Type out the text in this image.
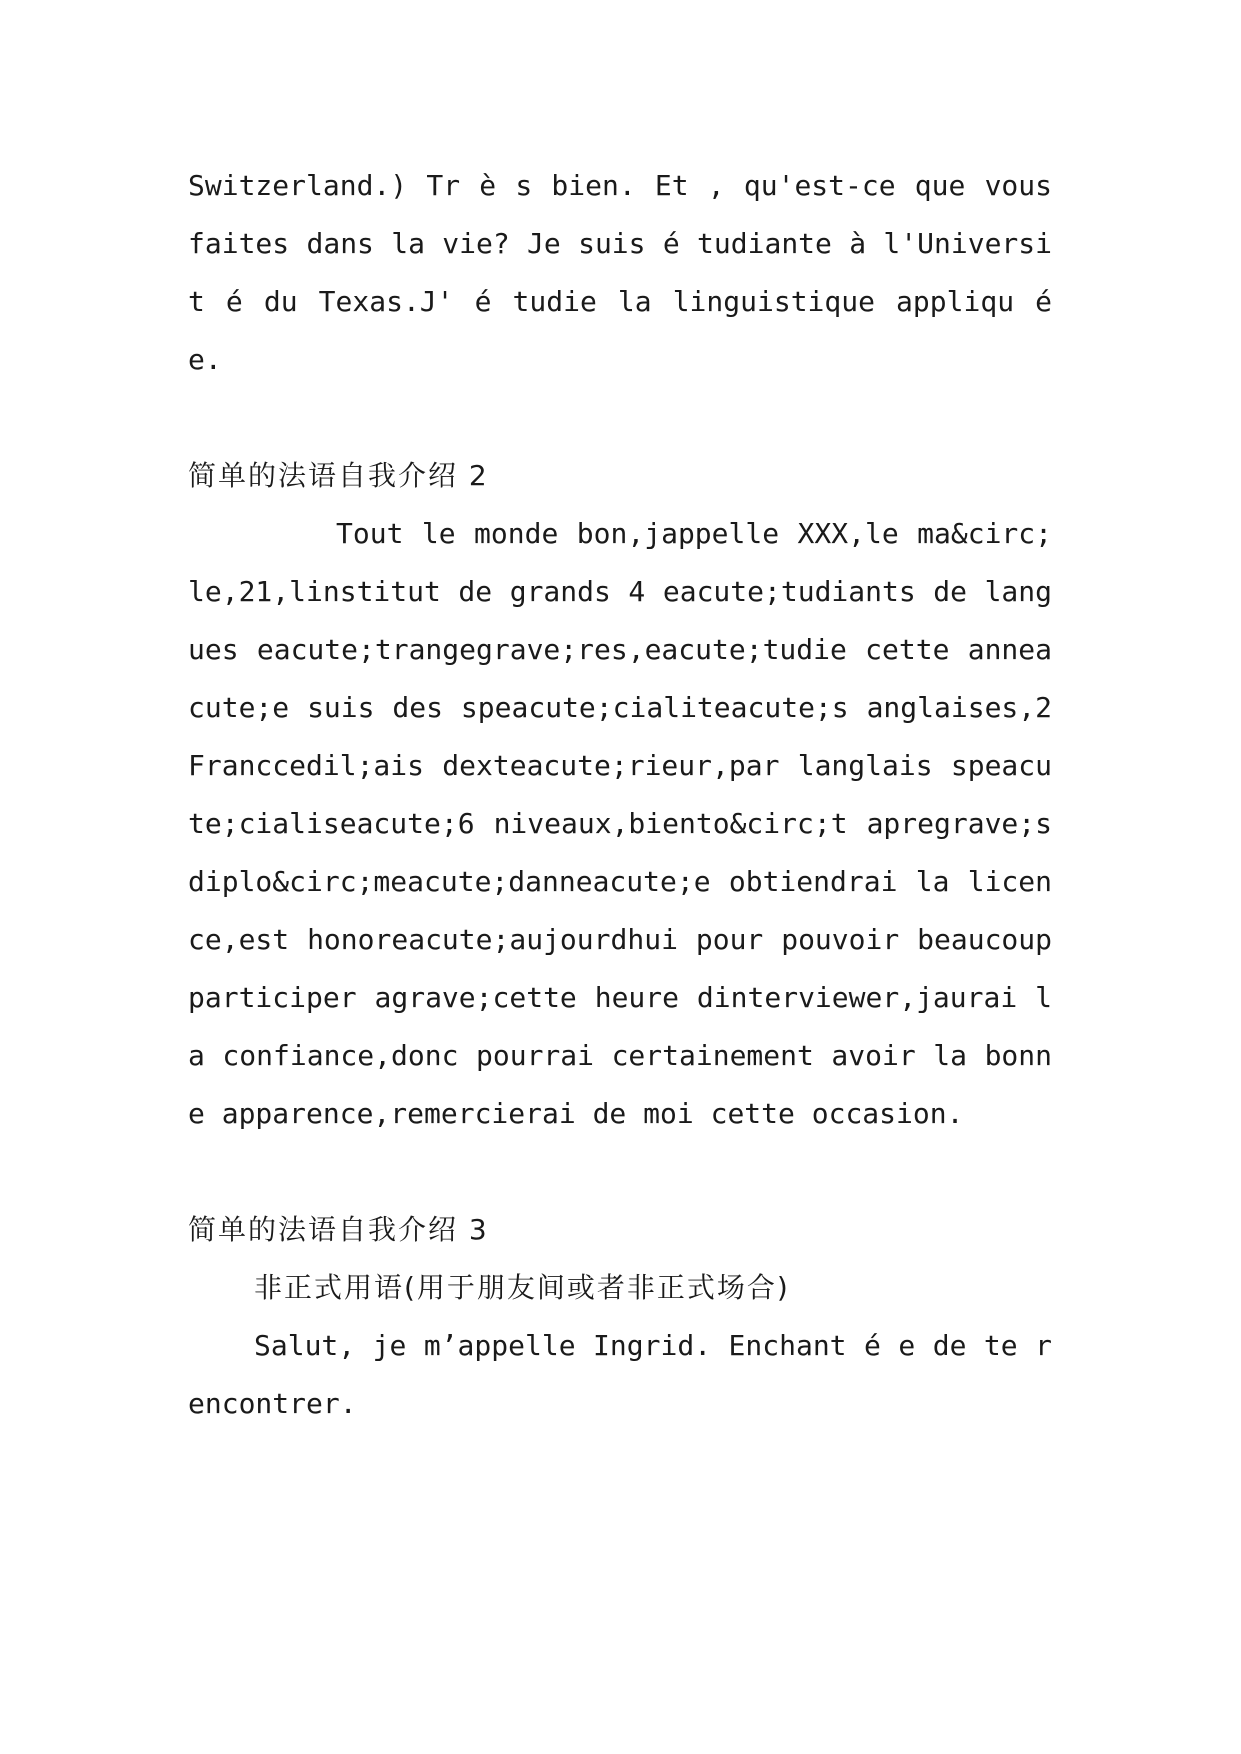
Switzerland.) Tr è s bien. Et , qu'est-ce que vous faites dans la vie? Je suis é tudiante à l'Universit é du Texas.J' é tudie la linguistique appliqu é e.

简单的法语自我介绍 2

Tout le monde bon,jappelle XXX,le ma&circ;le,21,linstitut de grands 4 eacute;tudiants de langues eacute;trangegrave;res,eacute;tudie cette anneacute;e suis des speacute;cialiteacute;s anglaises,2 Franccedil;ais dexteacute;rieur,par langlais speacute;cialiseacute;6 niveaux,biento&circ;t apregrave;s diplo&circ;meacute;danneacute;e obtiendrai la licence,est honoreacute;aujourdhui pour pouvoir beaucoup participer agrave;cette heure dinterviewer,jaurai la confiance,donc pourrai certainement avoir la bonne apparence,remercierai de moi cette occasion.

简单的法语自我介绍 3

非正式用语(用于朋友间或者非正式场合)

Salut, je m’appelle Ingrid. Enchant é e de te rencontrer.
